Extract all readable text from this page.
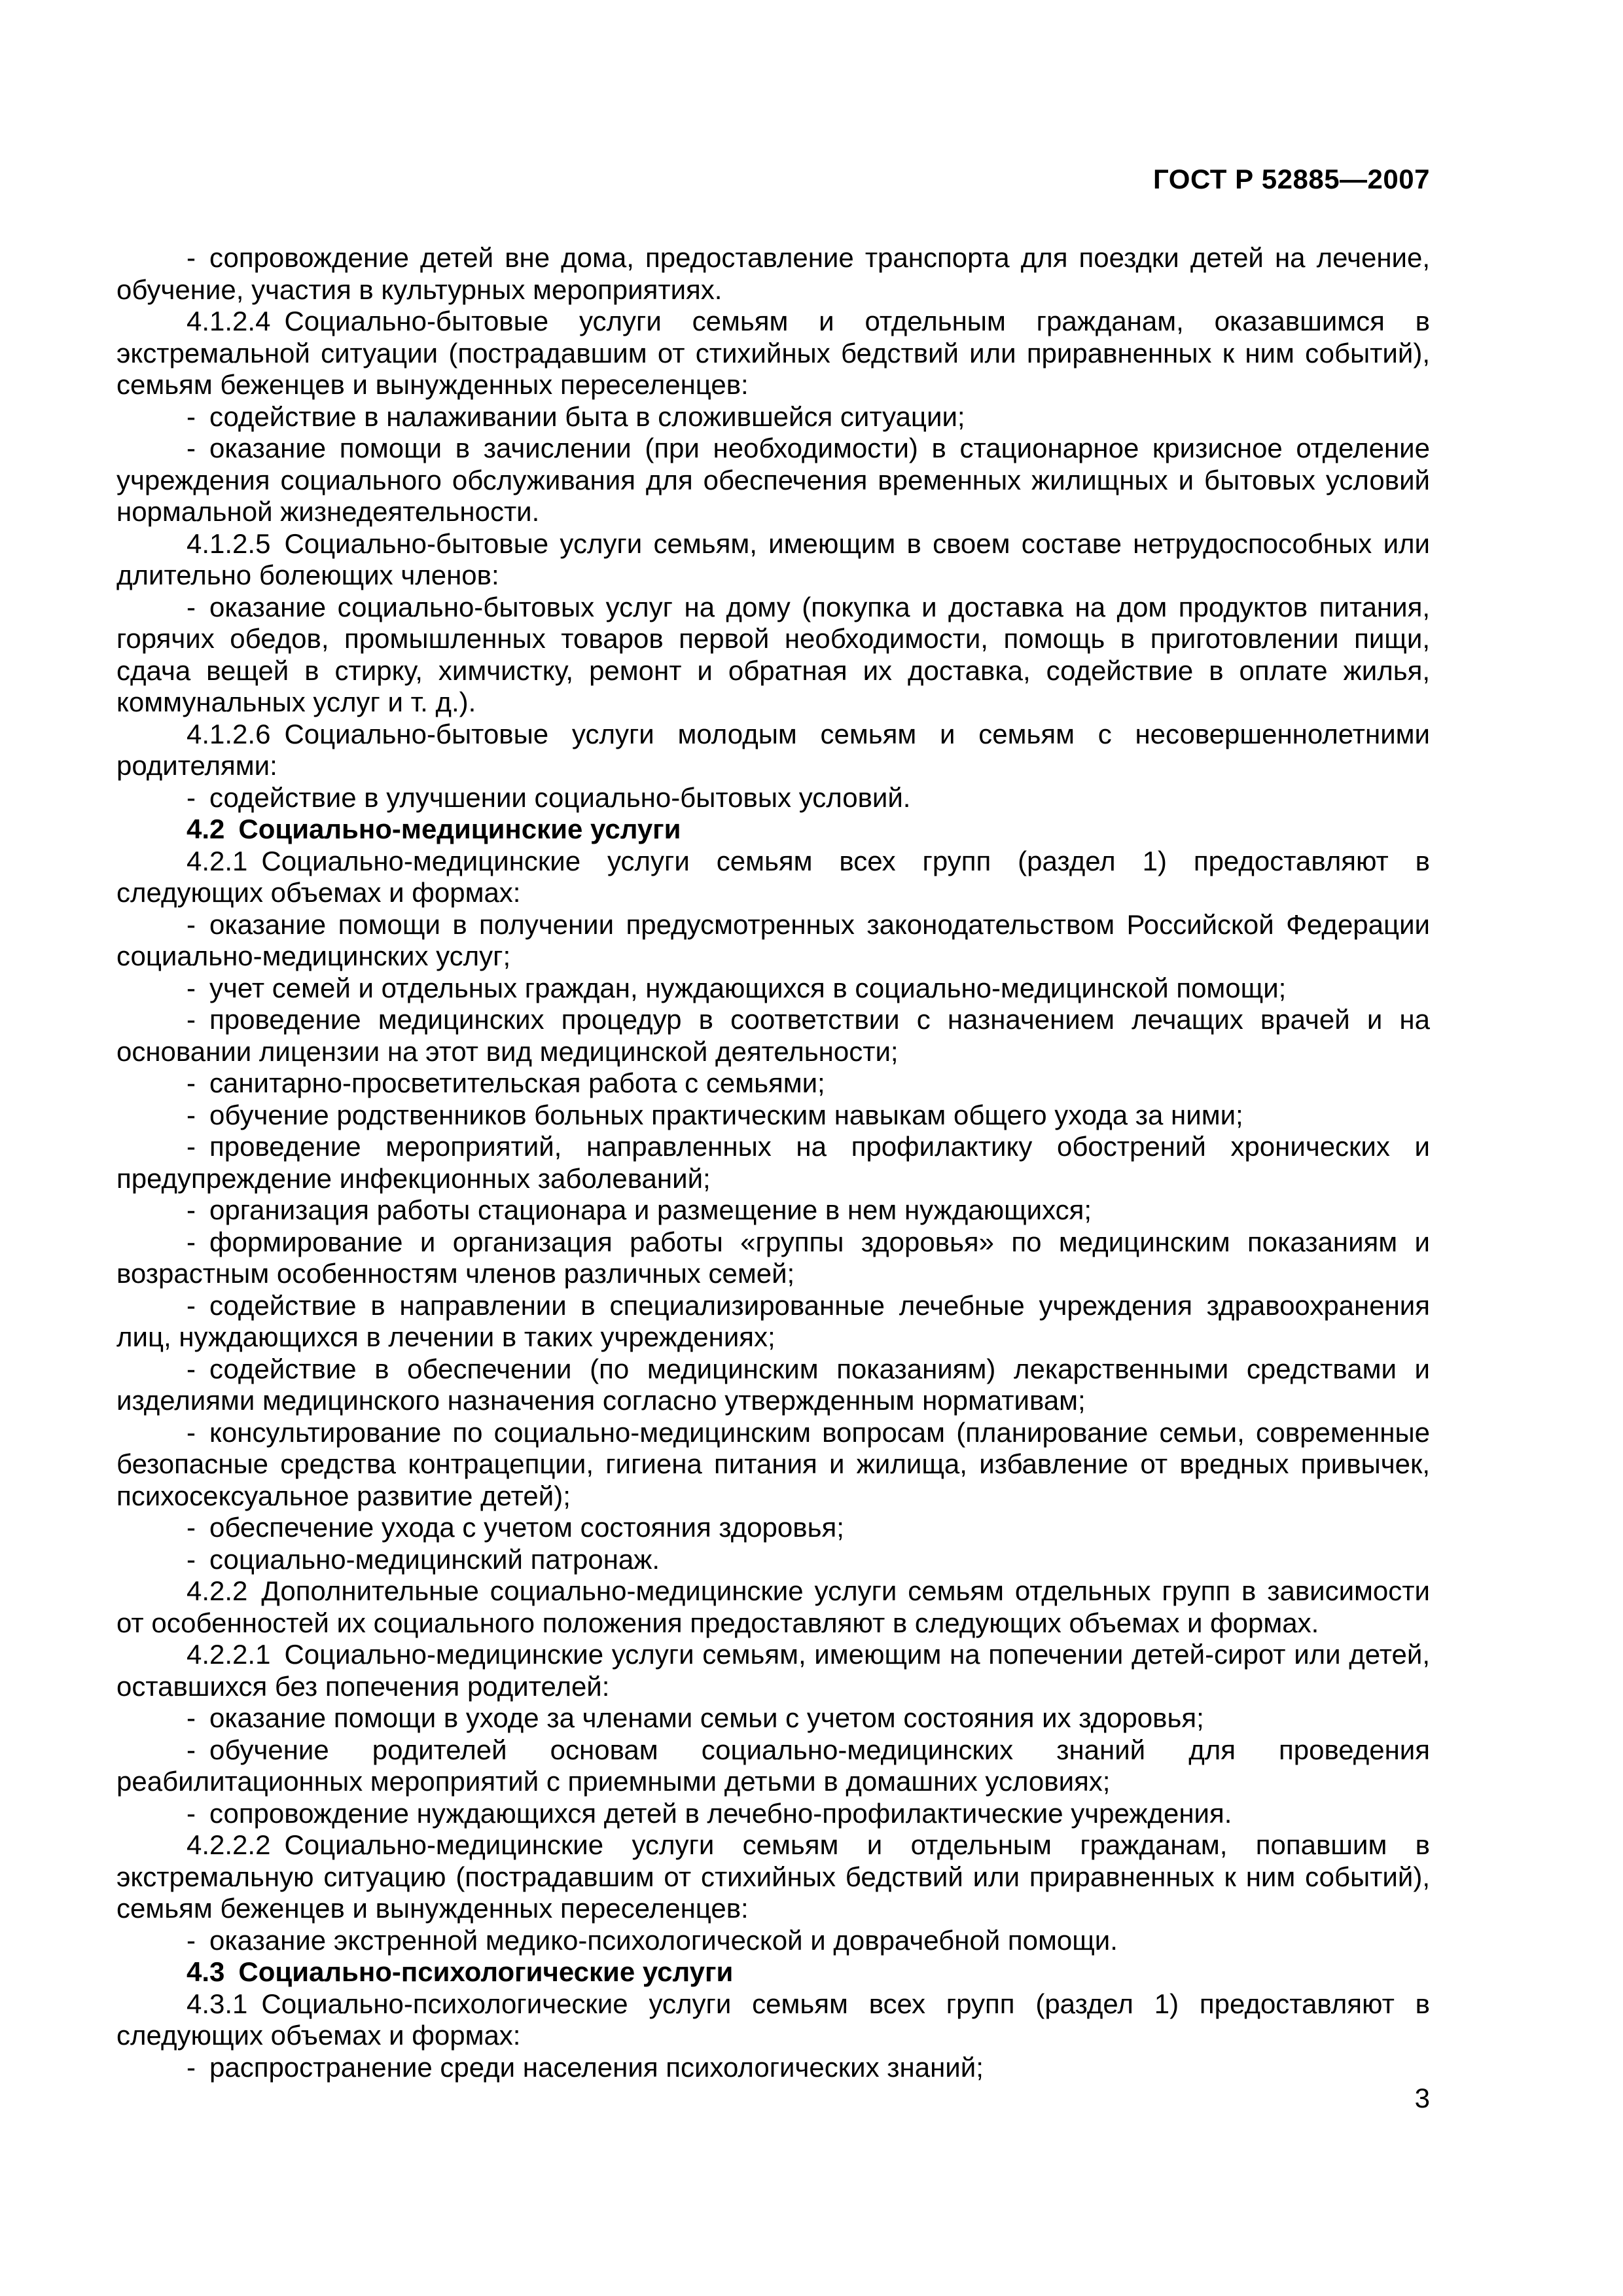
ГОСТ Р 52885—2007

- сопровождение детей вне дома, предоставление транспорта для поездки детей на лечение, обучение, участия в культурных мероприятиях.

4.1.2.4 Социально-бытовые услуги семьям и отдельным гражданам, оказавшимся в экстремальной ситуации (пострадавшим от стихийных бедствий или приравненных к ним событий), семьям беженцев и вынужденных переселенцев:

- содействие в налаживании быта в сложившейся ситуации;

- оказание помощи в зачислении (при необходимости) в стационарное кризисное отделение учреждения социального обслуживания для обеспечения временных жилищных и бытовых условий нормальной жизнедеятельности.

4.1.2.5 Социально-бытовые услуги семьям, имеющим в своем составе нетрудоспособных или длительно болеющих членов:

- оказание социально-бытовых услуг на дому (покупка и доставка на дом продуктов питания, горячих обедов, промышленных товаров первой необходимости, помощь в приготовлении пищи, сдача вещей в стирку, химчистку, ремонт и обратная их доставка, содействие в оплате жилья, коммунальных услуг и т. д.).

4.1.2.6 Социально-бытовые услуги молодым семьям и семьям с несовершеннолетними родителями:

- содействие в улучшении социально-бытовых условий.

4.2 Социально-медицинские услуги

4.2.1 Социально-медицинские услуги семьям всех групп (раздел 1) предоставляют в следующих объемах и формах:

- оказание помощи в получении предусмотренных законодательством Российской Федерации социально-медицинских услуг;

- учет семей и отдельных граждан, нуждающихся в социально-медицинской помощи;

- проведение медицинских процедур в соответствии с назначением лечащих врачей и на основании лицензии на этот вид медицинской деятельности;

- санитарно-просветительская работа с семьями;

- обучение родственников больных практическим навыкам общего ухода за ними;

- проведение мероприятий, направленных на профилактику обострений хронических и предупреждение инфекционных заболеваний;

- организация работы стационара и размещение в нем нуждающихся;

- формирование и организация работы «группы здоровья» по медицинским показаниям и возрастным особенностям членов различных семей;

- содействие в направлении в специализированные лечебные учреждения здравоохранения лиц, нуждающихся в лечении в таких учреждениях;

- содействие в обеспечении (по медицинским показаниям) лекарственными средствами и изделиями медицинского назначения согласно утвержденным нормативам;

- консультирование по социально-медицинским вопросам (планирование семьи, современные безопасные средства контрацепции, гигиена питания и жилища, избавление от вредных привычек, психосексуальное развитие детей);

- обеспечение ухода с учетом состояния здоровья;

- социально-медицинский патронаж.

4.2.2 Дополнительные социально-медицинские услуги семьям отдельных групп в зависимости от особенностей их социального положения предоставляют в следующих объемах и формах.

4.2.2.1 Социально-медицинские услуги семьям, имеющим на попечении детей-сирот или детей, оставшихся без попечения родителей:

- оказание помощи в уходе за членами семьи с учетом состояния их здоровья;

- обучение родителей основам социально-медицинских знаний для проведения реабилитационных мероприятий с приемными детьми в домашних условиях;

- сопровождение нуждающихся детей в лечебно-профилактические учреждения.

4.2.2.2 Социально-медицинские услуги семьям и отдельным гражданам, попавшим в экстремальную ситуацию (пострадавшим от стихийных бедствий или приравненных к ним событий), семьям беженцев и вынужденных переселенцев:

- оказание экстренной медико-психологической и доврачебной помощи.

4.3 Социально-психологические услуги

4.3.1 Социально-психологические услуги семьям всех групп (раздел 1) предоставляют в следующих объемах и формах:

- распространение среди населения психологических знаний;

3
